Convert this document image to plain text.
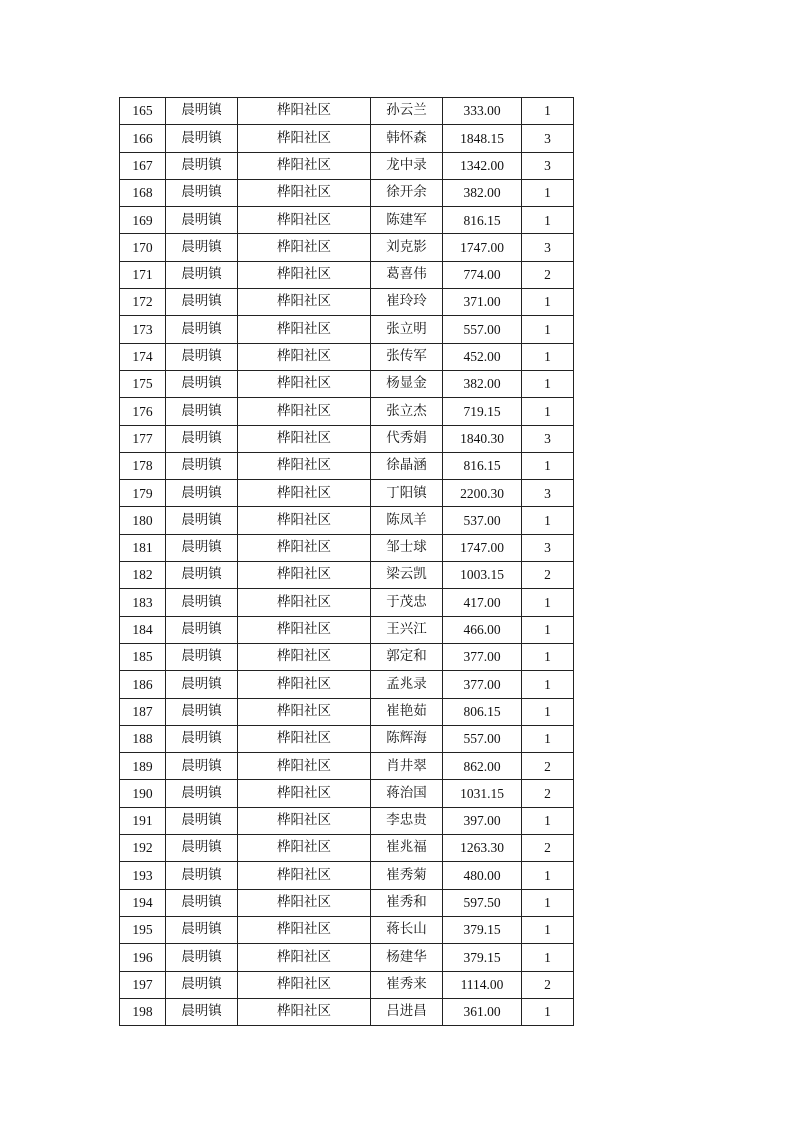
165	晨明镇	桦阳社区	孙云兰	333.00	1
166	晨明镇	桦阳社区	韩怀森	1848.15	3
167	晨明镇	桦阳社区	龙中录	1342.00	3
168	晨明镇	桦阳社区	徐开余	382.00	1
169	晨明镇	桦阳社区	陈建军	816.15	1
170	晨明镇	桦阳社区	刘克影	1747.00	3
171	晨明镇	桦阳社区	葛喜伟	774.00	2
172	晨明镇	桦阳社区	崔玲玲	371.00	1
173	晨明镇	桦阳社区	张立明	557.00	1
174	晨明镇	桦阳社区	张传军	452.00	1
175	晨明镇	桦阳社区	杨显金	382.00	1
176	晨明镇	桦阳社区	张立杰	719.15	1
177	晨明镇	桦阳社区	代秀娟	1840.30	3
178	晨明镇	桦阳社区	徐晶涵	816.15	1
179	晨明镇	桦阳社区	丁阳镇	2200.30	3
180	晨明镇	桦阳社区	陈凤羊	537.00	1
181	晨明镇	桦阳社区	邹士球	1747.00	3
182	晨明镇	桦阳社区	梁云凯	1003.15	2
183	晨明镇	桦阳社区	于茂忠	417.00	1
184	晨明镇	桦阳社区	王兴江	466.00	1
185	晨明镇	桦阳社区	郭定和	377.00	1
186	晨明镇	桦阳社区	孟兆录	377.00	1
187	晨明镇	桦阳社区	崔艳茹	806.15	1
188	晨明镇	桦阳社区	陈辉海	557.00	1
189	晨明镇	桦阳社区	肖井翠	862.00	2
190	晨明镇	桦阳社区	蒋治国	1031.15	2
191	晨明镇	桦阳社区	李忠贵	397.00	1
192	晨明镇	桦阳社区	崔兆福	1263.30	2
193	晨明镇	桦阳社区	崔秀菊	480.00	1
194	晨明镇	桦阳社区	崔秀和	597.50	1
195	晨明镇	桦阳社区	蒋长山	379.15	1
196	晨明镇	桦阳社区	杨建华	379.15	1
197	晨明镇	桦阳社区	崔秀来	1114.00	2
198	晨明镇	桦阳社区	吕进昌	361.00	1
